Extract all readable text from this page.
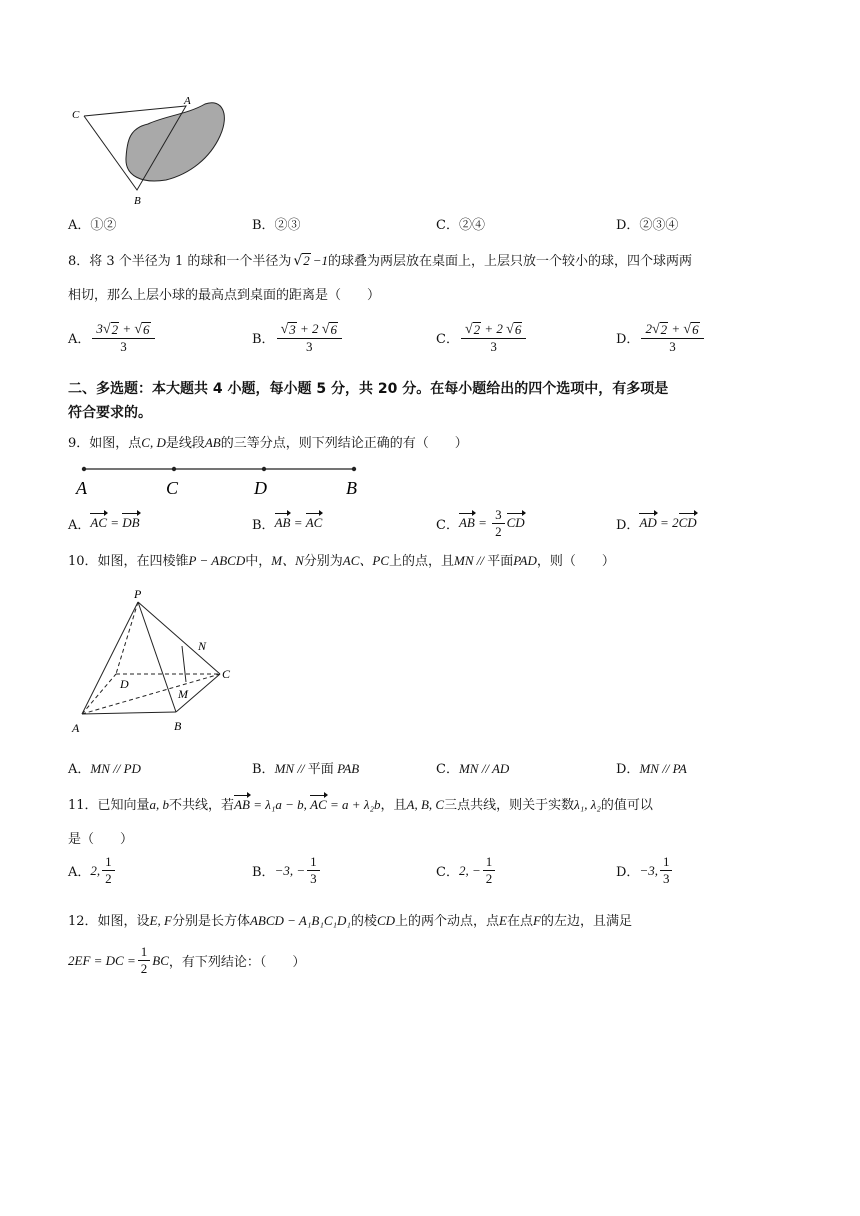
C
A
B
A．①②	B．②③	C．②④	D．②③④
8．将 3 个半径为 1 的球和一个半径为 √ 2 −1的球叠为两层放在桌面上，上层只放一个较小的球，四个球两两
相切，那么上层小球的最高点到桌面的距离是（　　）
A． $\frac{3 √ 2 + √ 6}{3}$	B． $\frac{√ 3 + 2 √ 6}{3}$	C． $\frac{√ 2 + 2 √ 6}{3}$	D． $\frac{2 √ 2 + √ 6}{3}$
二、多选题：本大题共 4 小题，每小题 5 分，共 20 分。在每小题给出的四个选项中，有多项是
符合要求的。
9．如图，点C, D是线段AB的三等分点，则下列结论正确的有（　　）
A	C	D	B
A． AC = DB	B． AB = AC	C． AB = $\frac{3}{2}$ CD	D． AD = 2 CD
10．如图，在四棱锥P − ABCD中，M、N分别为AC、PC上的点，且MN // 平面PAD，则（　　）
P
N
C
D
M
A	B
A．MN // PD	B．MN // 平面 PAB	C．MN // AD	D．MN // PA
11．已知向量a, b不共线，若AB = λ₁a − b, AC = a + λ₂b，且A, B, C三点共线，则关于实数λ₁, λ₂的值可以
是（　　）
A． 2, $\frac{1}{2}$	B． −3, − $\frac{1}{3}$	C． 2, − $\frac{1}{2}$	D． −3, $\frac{1}{3}$
12．如图，设E, F分别是长方体ABCD − A₁B₁C₁D₁的棱CD上的两个动点，点E在点F的左边，且满足
2EF = DC = $\frac{1}{2}$ BC ，有下列结论：（　　）
